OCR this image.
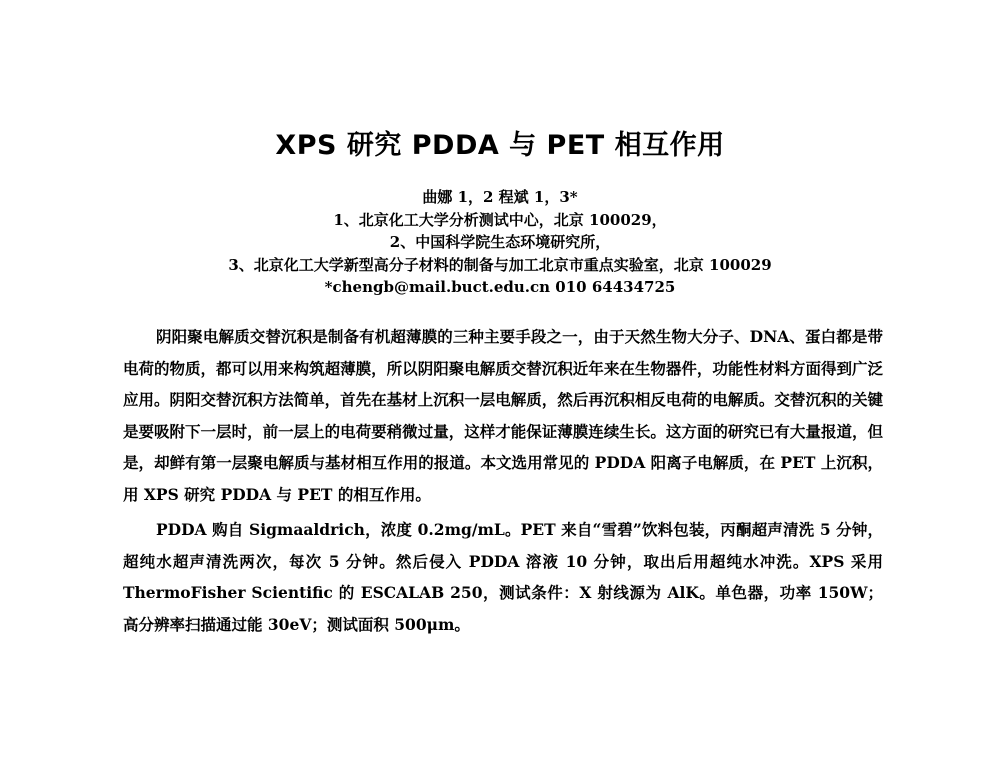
XPS 研究 PDDA 与 PET 相互作用
曲娜 1，2 程斌 1，3*
1、北京化工大学分析测试中心，北京 100029，
2、中国科学院生态环境研究所，
3、北京化工大学新型高分子材料的制备与加工北京市重点实验室，北京 100029
*chengb@mail.buct.edu.cn 010 64434725

阴阳聚电解质交替沉积是制备有机超薄膜的三种主要手段之一，由于天然生物大分子、DNA、蛋白都是带电荷的物质，都可以用来构筑超薄膜，所以阴阳聚电解质交替沉积近年来在生物器件，功能性材料方面得到广泛应用。阴阳交替沉积方法简单，首先在基材上沉积一层电解质，然后再沉积相反电荷的电解质。交替沉积的关键是要吸附下一层时，前一层上的电荷要稍微过量，这样才能保证薄膜连续生长。这方面的研究已有大量报道，但是，却鲜有第一层聚电解质与基材相互作用的报道。本文选用常见的 PDDA 阳离子电解质，在 PET 上沉积，用 XPS 研究 PDDA 与 PET 的相互作用。

PDDA 购自 Sigmaaldrich，浓度 0.2mg/mL。PET 来自“雪碧”饮料包装，丙酮超声清洗 5 分钟，超纯水超声清洗两次，每次 5 分钟。然后侵入 PDDA 溶液 10 分钟，取出后用超纯水冲洗。XPS 采用 ThermoFisher Scientific 的 ESCALAB 250，测试条件：X 射线源为 AlK。单色器，功率 150W；高分辨率扫描通过能 30eV；测试面积 500μm。
